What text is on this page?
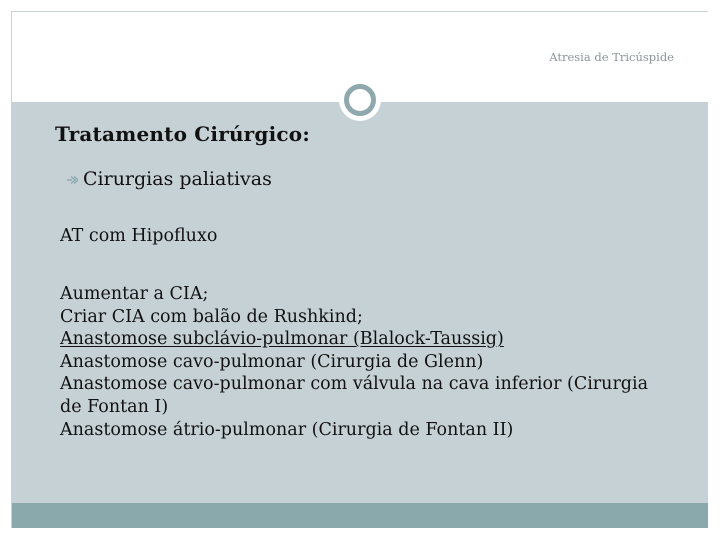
Atresia de Tricúspide
Tratamento Cirúrgico:
Cirurgias paliativas
AT com Hipofluxo
Aumentar a CIA;
Criar CIA com balão de Rushkind;
Anastomose subclávio-pulmonar (Blalock-Taussig)
Anastomose cavo-pulmonar (Cirurgia de Glenn)
Anastomose cavo-pulmonar com válvula na cava inferior (Cirurgia de Fontan I)
Anastomose átrio-pulmonar (Cirurgia de Fontan II)
